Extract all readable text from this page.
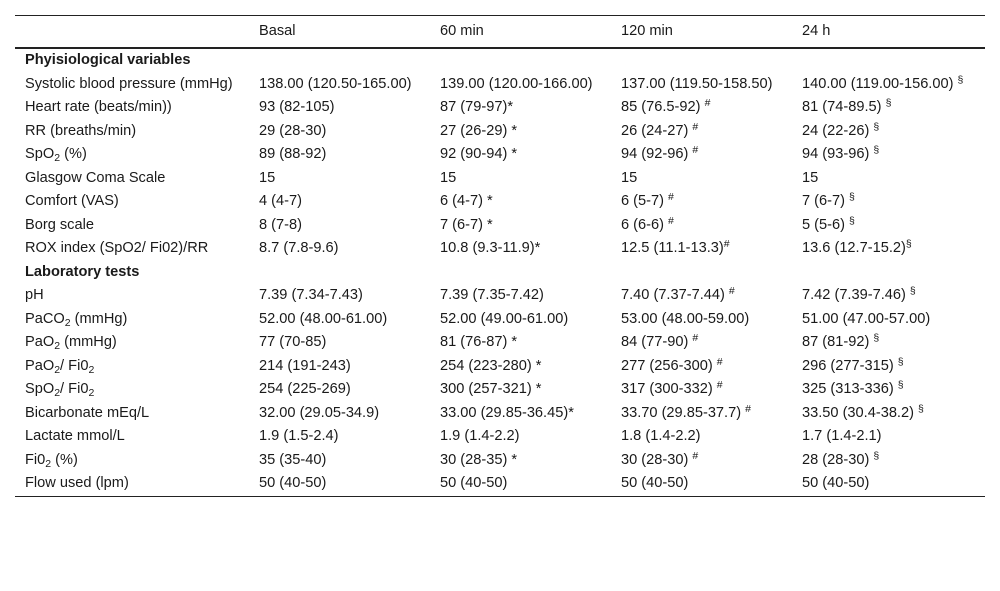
	Basal	60 min	120 min	24 h
Phyisiological variables				
Systolic blood pressure (mmHg)	138.00 (120.50-165.00)	139.00 (120.00-166.00)	137.00 (119.50-158.50)	140.00 (119.00-156.00) §
Heart rate (beats/min))	93 (82-105)	87 (79-97)*	85 (76.5-92) #	81 (74-89.5) §
RR (breaths/min)	29 (28-30)	27 (26-29) *	26 (24-27) #	24 (22-26) §
SpO$_2$ (%)	89 (88-92)	92 (90-94) *	94 (92-96) #	94 (93-96) §
Glasgow Coma Scale	15	15	15	15
Comfort (VAS)	4 (4-7)	6 (4-7) *	6 (5-7) #	7 (6-7) §
Borg scale	8 (7-8)	7 (6-7) *	6 (6-6) #	5 (5-6) §
ROX index (SpO2/ Fi02)/RR	8.7 (7.8-9.6)	10.8 (9.3-11.9)*	12.5 (11.1-13.3)#	13.6 (12.7-15.2)§
Laboratory tests				
pH	7.39 (7.34-7.43)	7.39 (7.35-7.42)	7.40 (7.37-7.44) #	7.42 (7.39-7.46) §
PaCO$_2$ (mmHg)	52.00 (48.00-61.00)	52.00 (49.00-61.00)	53.00 (48.00-59.00)	51.00 (47.00-57.00)
PaO$_2$ (mmHg)	77 (70-85)	81 (76-87) *	84 (77-90) #	87 (81-92) §
PaO$_2$/ $Fi0_2$	214 (191-243)	254 (223-280) *	277 (256-300) #	296 (277-315) §
SpO$_2$/ $Fi0_2$	254 (225-269)	300 (257-321) *	317 (300-332) #	325 (313-336) §
Bicarbonate mEq/L	32.00 (29.05-34.9)	33.00 (29.85-36.45)*	33.70 (29.85-37.7) #	33.50 (30.4-38.2) §
Lactate mmol/L	1.9 (1.5-2.4)	1.9 (1.4-2.2)	1.8 (1.4-2.2)	1.7 (1.4-2.1)
$Fi0_2$ (%)	35 (35-40)	30 (28-35) *	30 (28-30) #	28 (28-30) §
Flow used (lpm)	50 (40-50)	50 (40-50)	50 (40-50)	50 (40-50)
